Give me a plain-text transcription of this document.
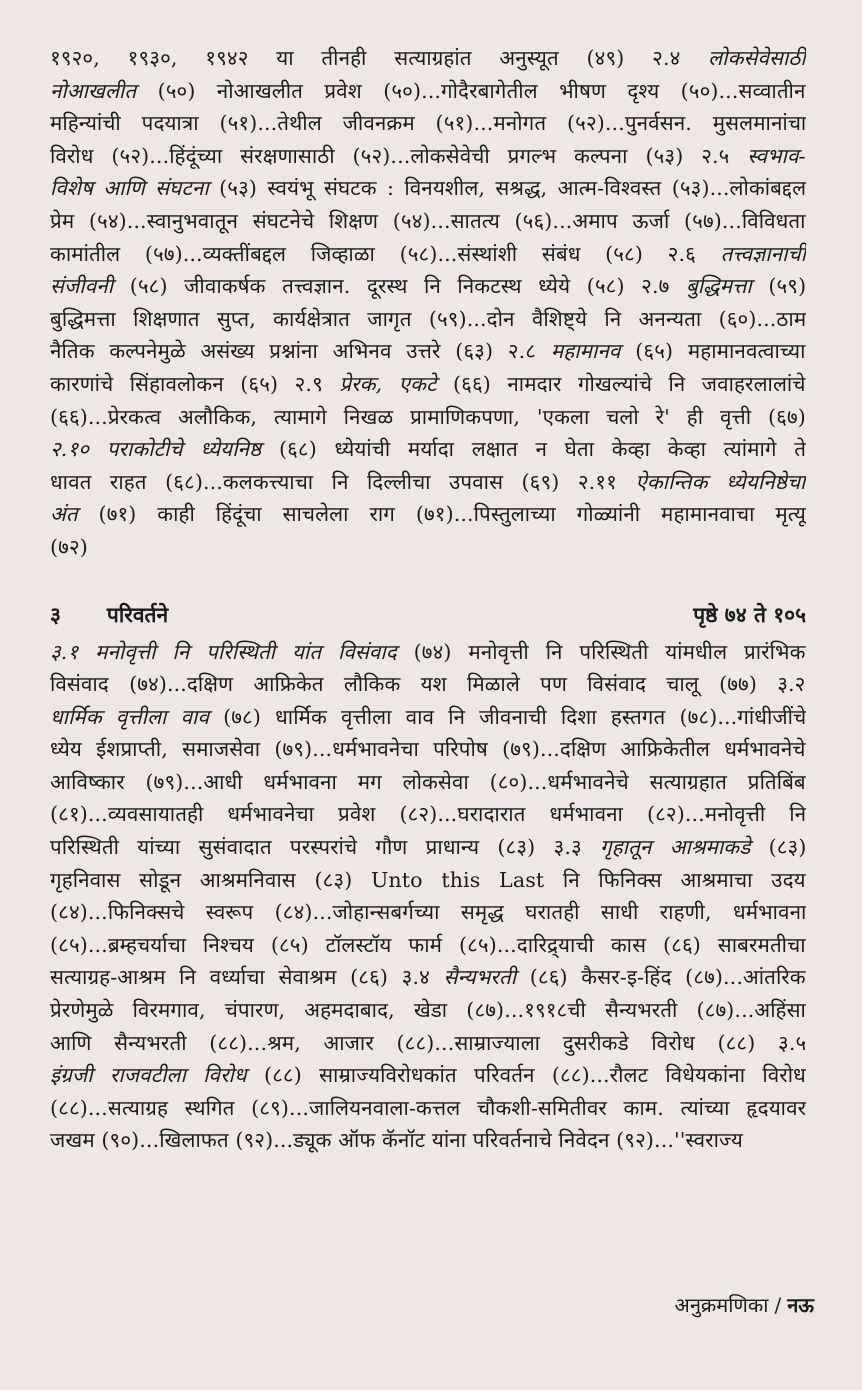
१९२०, १९३०, १९४२ या तीनही सत्याग्रहांत अनुस्यूत (४९) २.४ लोकसेवेसाठी
नोआखलीत (५०) नोआखलीत प्रवेश (५०)...गोदैरबागेतील भीषण दृश्य (५०)...सव्वातीन
महिन्यांची पदयात्रा (५१)...तेथील जीवनक्रम (५१)...मनोगत (५२)...पुनर्वसन. मुसलमानांचा
विरोध (५२)...हिंदूंच्या संरक्षणासाठी (५२)...लोकसेवेची प्रगल्भ कल्पना (५३) २.५ स्वभाव-
विशेष आणि संघटना (५३) स्वयंभू संघटक : विनयशील, सश्रद्ध, आत्म-विश्वस्त (५३)...लोकांबद्दल
प्रेम (५४)...स्वानुभवातून संघटनेचे शिक्षण (५४)...सातत्य (५६)...अमाप ऊर्जा (५७)...विविधता
कामांतील (५७)...व्यक्तींबद्दल जिव्हाळा (५८)...संस्थांशी संबंध (५८) २.६ तत्त्वज्ञानाची
संजीवनी (५८) जीवाकर्षक तत्त्वज्ञान. दूरस्थ नि निकटस्थ ध्येये (५८) २.७ बुद्धिमत्ता (५९)
बुद्धिमत्ता शिक्षणात सुप्त, कार्यक्षेत्रात जागृत (५९)...दोन वैशिष्ट्ये नि अनन्यता (६०)...ठाम
नैतिक कल्पनेमुळे असंख्य प्रश्नांना अभिनव उत्तरे (६३) २.८ महामानव (६५) महामानवत्वाच्या
कारणांचे सिंहावलोकन (६५) २.९ प्रेरक, एकटे (६६) नामदार गोखल्यांचे नि जवाहरलालांचे
(६६)...प्रेरकत्व अलौकिक, त्यामागे निखळ प्रामाणिकपणा, 'एकला चलो रे' ही वृत्ती (६७)
२.१० पराकोटीचे ध्येयनिष्ठ (६८) ध्येयांची मर्यादा लक्षात न घेता केव्हा केव्हा त्यांमागे ते
धावत राहत (६८)...कलकत्त्याचा नि दिल्लीचा उपवास (६९) २.११ ऐकान्तिक ध्येयनिष्ठेचा
अंत (७१) काही हिंदूंचा साचलेला राग (७१)...पिस्तुलाच्या गोळ्यांनी महामानवाचा मृत्यू
(७२)
३ परिवर्तने	पृष्ठे ७४ ते १०५
३.१ मनोवृत्ती नि परिस्थिती यांत विसंवाद (७४) मनोवृत्ती नि परिस्थिती यांमधील प्रारंभिक
विसंवाद (७४)...दक्षिण आफ्रिकेत लौकिक यश मिळाले पण विसंवाद चालू (७७) ३.२
धार्मिक वृत्तीला वाव (७८) धार्मिक वृत्तीला वाव नि जीवनाची दिशा हस्तगत (७८)...गांधीजींचे
ध्येय ईशप्राप्ती, समाजसेवा (७९)...धर्मभावनेचा परिपोष (७९)...दक्षिण आफ्रिकेतील धर्मभावनेचे
आविष्कार (७९)...आधी धर्मभावना मग लोकसेवा (८०)...धर्मभावनेचे सत्याग्रहात प्रतिबिंब
(८१)...व्यवसायातही धर्मभावनेचा प्रवेश (८२)...घरादारात धर्मभावना (८२)...मनोवृत्ती नि
परिस्थिती यांच्या सुसंवादात परस्परांचे गौण प्राधान्य (८३) ३.३ गृहातून आश्रमाकडे (८३)
गृहनिवास सोडून आश्रमनिवास (८३) Unto this Last नि फिनिक्स आश्रमाचा उदय
(८४)...फिनिक्सचे स्वरूप (८४)...जोहान्सबर्गच्या समृद्ध घरातही साधी राहणी, धर्मभावना
(८५)...ब्रम्हचर्याचा निश्चय (८५) टॉलस्टॉय फार्म (८५)...दारिद्र्याची कास (८६) साबरमतीचा
सत्याग्रह-आश्रम नि वर्ध्याचा सेवाश्रम (८६) ३.४ सैन्यभरती (८६) कैसर-इ-हिंद (८७)...आंतरिक
प्रेरणेमुळे विरमगाव, चंपारण, अहमदाबाद, खेडा (८७)...१९१८ची सैन्यभरती (८७)...अहिंसा
आणि सैन्यभरती (८८)...श्रम, आजार (८८)...साम्राज्याला दुसरीकडे विरोध (८८) ३.५
इंग्रजी राजवटीला विरोध (८८) साम्राज्यविरोधकांत परिवर्तन (८८)...रौलट विधेयकांना विरोध
(८८)...सत्याग्रह स्थगित (८९)...जालियनवाला-कत्तल चौकशी-समितीवर काम. त्यांच्या हृदयावर
जखम (९०)...खिलाफत (९२)...ड्यूक ऑफ कॅनॉट यांना परिवर्तनाचे निवेदन (९२)...''स्वराज्य
अनुक्रमणिका / नऊ
